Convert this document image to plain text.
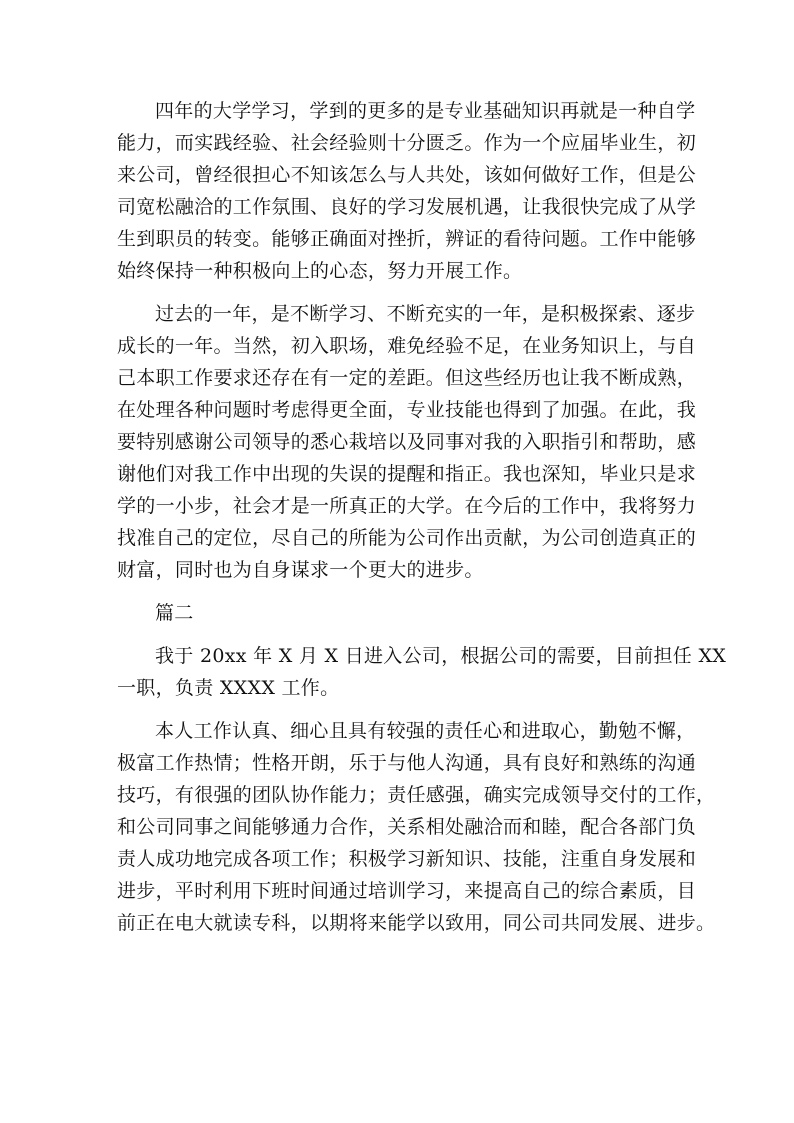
四年的大学学习，学到的更多的是专业基础知识再就是一种自学
能力，而实践经验、社会经验则十分匮乏。作为一个应届毕业生，初
来公司，曾经很担心不知该怎么与人共处，该如何做好工作，但是公
司宽松融洽的工作氛围、良好的学习发展机遇，让我很快完成了从学
生到职员的转变。能够正确面对挫折，辨证的看待问题。工作中能够
始终保持一种积极向上的心态，努力开展工作。
过去的一年，是不断学习、不断充实的一年，是积极探索、逐步
成长的一年。当然，初入职场，难免经验不足，在业务知识上，与自
己本职工作要求还存在有一定的差距。但这些经历也让我不断成熟，
在处理各种问题时考虑得更全面，专业技能也得到了加强。在此，我
要特别感谢公司领导的悉心栽培以及同事对我的入职指引和帮助，感
谢他们对我工作中出现的失误的提醒和指正。我也深知，毕业只是求
学的一小步，社会才是一所真正的大学。在今后的工作中，我将努力
找准自己的定位，尽自己的所能为公司作出贡献，为公司创造真正的
财富，同时也为自身谋求一个更大的进步。
篇二
我于 20xx 年 X 月 X 日进入公司，根据公司的需要，目前担任 XX
一职，负责 XXXX 工作。
本人工作认真、细心且具有较强的责任心和进取心，勤勉不懈，
极富工作热情；性格开朗，乐于与他人沟通，具有良好和熟练的沟通
技巧，有很强的团队协作能力；责任感强，确实完成领导交付的工作，
和公司同事之间能够通力合作，关系相处融洽而和睦，配合各部门负
责人成功地完成各项工作；积极学习新知识、技能，注重自身发展和
进步，平时利用下班时间通过培训学习，来提高自己的综合素质，目
前正在电大就读专科，以期将来能学以致用，同公司共同发展、进步。
